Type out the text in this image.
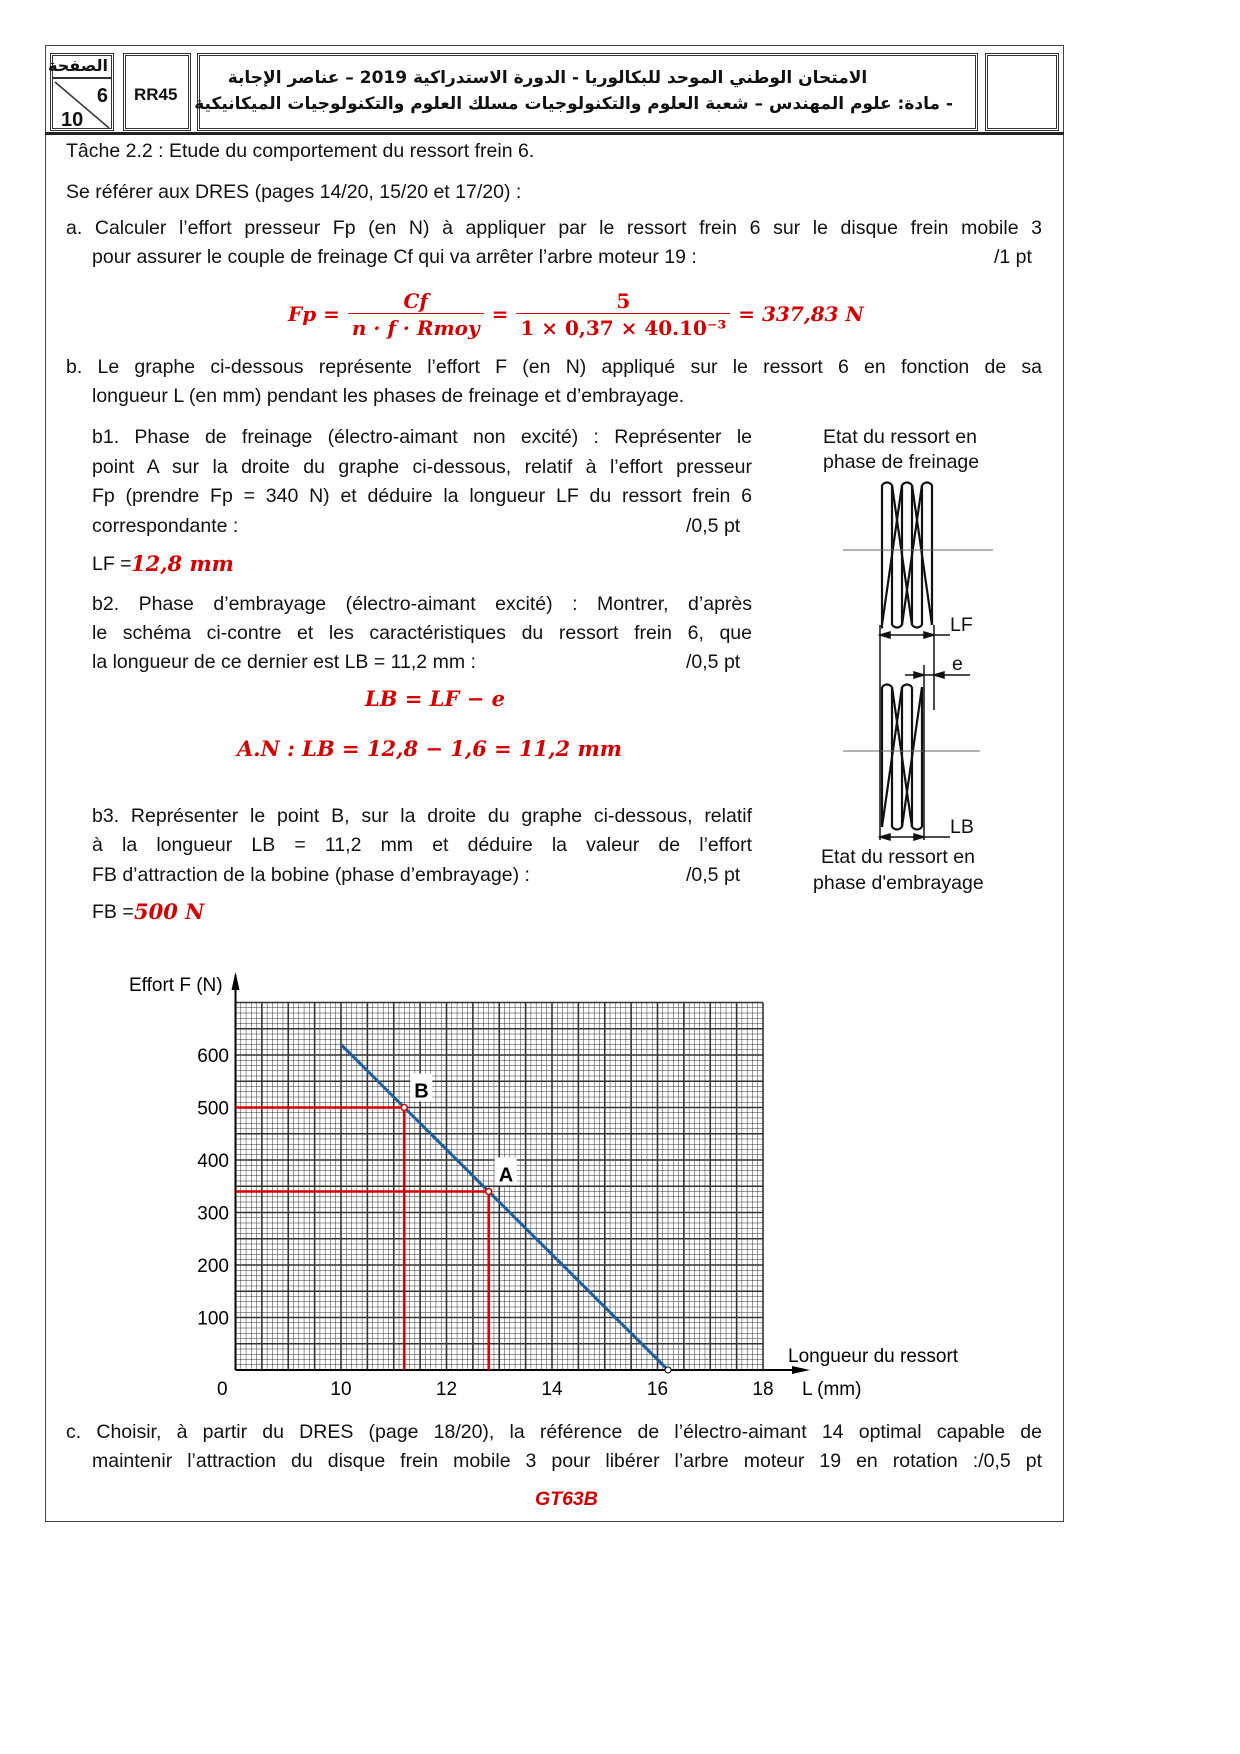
الصفحة
6
10
RR45
الامتحان الوطني الموحد للبكالوريا - الدورة الاستدراكية 2019 – عناصر الإجابة
- مادة: علوم المهندس – شعبة العلوم والتكنولوجيات مسلك العلوم والتكنولوجيات الميكانيكية
Tâche 2.2 : Etude du comportement du ressort frein 6.
Se référer aux DRES (pages 14/20, 15/20 et 17/20) :
a. Calculer l’effort presseur Fp (en N) à appliquer par le ressort frein 6 sur le disque frein mobile 3
pour assurer le couple de freinage Cf qui va arrêter l’arbre moteur 19 :	/1 pt
Fp =
Cf
n · f · Rmoy
= $\frac{5}{\text{1 × 0,37 × 40.10⁻³}} = 337,83$ N
b. Le graphe ci-dessous représente l’effort F (en N) appliqué sur le ressort 6 en fonction de sa
longueur L (en mm) pendant les phases de freinage et d’embrayage.
b1. Phase de freinage (électro-aimant non excité) : Représenter le
point A sur la droite du graphe ci-dessous, relatif à l’effort presseur
Fp (prendre Fp = 340 N) et déduire la longueur LF du ressort frein 6
correspondante :	/0,5 pt
LF = 12,8 mm
b2. Phase d’embrayage (électro-aimant excité) : Montrer, d’après
le schéma ci-contre et les caractéristiques du ressort frein 6, que
la longueur de ce dernier est LB = 11,2 mm :	/0,5 pt
LB = LF − e
A.N : LB = 12,8 − 1,6 = 11,2 mm
b3. Représenter le point B, sur la droite du graphe ci-dessous, relatif
à la longueur LB = 11,2 mm et déduire la valeur de l’effort
FB d’attraction de la bobine (phase d’embrayage) :	/0,5 pt
FB = 500 N
Etat du ressort en
phase de freinage
LF
e
LB
Etat du ressort en
phase d'embrayage
10	12	14	16	18
100
200
300
400
500
600
A
B
Effort F (N)
Longueur du ressort
L (mm)
0
c. Choisir, à partir du DRES (page 18/20), la référence de l’électro-aimant 14 optimal capable de
maintenir l’attraction du disque frein mobile 3 pour libérer l’arbre moteur 19 en rotation :/0,5 pt
GT63B
